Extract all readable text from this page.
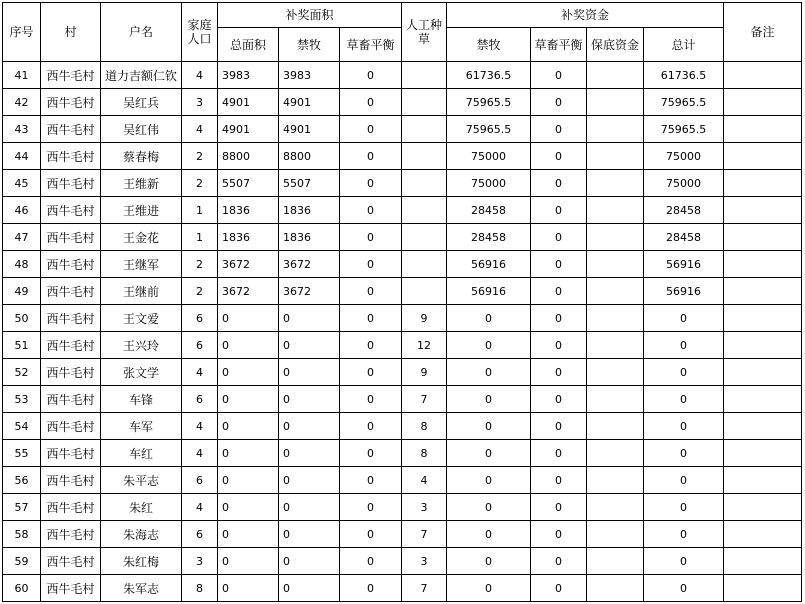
序号	村	户名	家庭人口	补奖面积			人工种草	补奖资金				备注
				总面积	禁牧	草畜平衡		禁牧	草畜平衡	保底资金	总计	
41	西牛毛村	道力吉额仁钦	4	3983	3983	0		61736.5	0		61736.5	
42	西牛毛村	吴红兵	3	4901	4901	0		75965.5	0		75965.5	
43	西牛毛村	吴红伟	4	4901	4901	0		75965.5	0		75965.5	
44	西牛毛村	蔡春梅	2	8800	8800	0		75000	0		75000	
45	西牛毛村	王维新	2	5507	5507	0		75000	0		75000	
46	西牛毛村	王维进	1	1836	1836	0		28458	0		28458	
47	西牛毛村	王金花	1	1836	1836	0		28458	0		28458	
48	西牛毛村	王继军	2	3672	3672	0		56916	0		56916	
49	西牛毛村	王继前	2	3672	3672	0		56916	0		56916	
50	西牛毛村	王文爱	6	0	0	0	9	0	0		0	
51	西牛毛村	王兴玲	6	0	0	0	12	0	0		0	
52	西牛毛村	张文学	4	0	0	0	9	0	0		0	
53	西牛毛村	车锋	6	0	0	0	7	0	0		0	
54	西牛毛村	车军	4	0	0	0	8	0	0		0	
55	西牛毛村	车红	4	0	0	0	8	0	0		0	
56	西牛毛村	朱平志	6	0	0	0	4	0	0		0	
57	西牛毛村	朱红	4	0	0	0	3	0	0		0	
58	西牛毛村	朱海志	6	0	0	0	7	0	0		0	
59	西牛毛村	朱红梅	3	0	0	0	3	0	0		0	
60	西牛毛村	朱军志	8	0	0	0	7	0	0		0	
